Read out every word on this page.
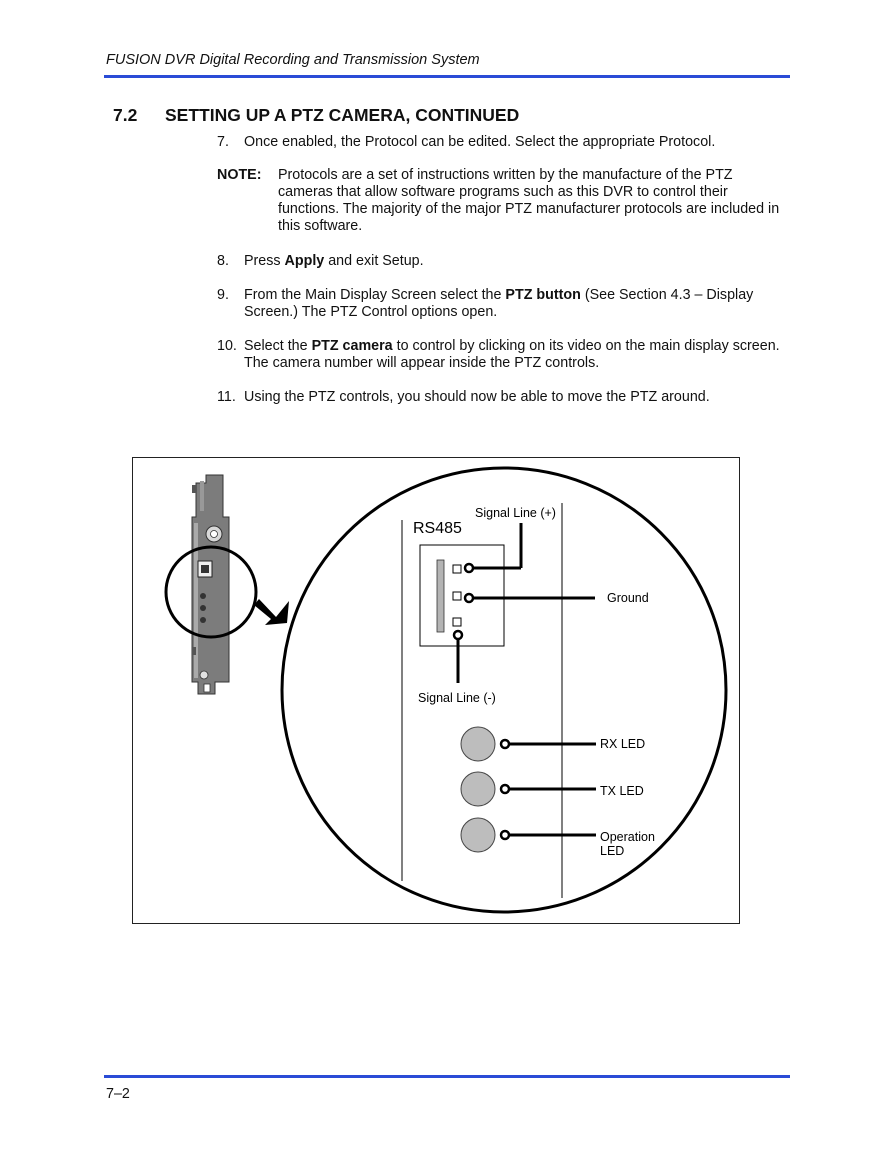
FUSION DVR Digital Recording and Transmission System
7.2 SETTING UP A PTZ CAMERA, CONTINUED
7. Once enabled, the Protocol can be edited. Select the appropriate Protocol.
NOTE: Protocols are a set of instructions written by the manufacture of the PTZ cameras that allow software programs such as this DVR to control their functions. The majority of the major PTZ manufacturer protocols are included in this software.
8. Press Apply and exit Setup.
9. From the Main Display Screen select the PTZ button (See Section 4.3 – Display Screen.) The PTZ Control options open.
10. Select the PTZ camera to control by clicking on its video on the main display screen. The camera number will appear inside the PTZ controls.
11. Using the PTZ controls, you should now be able to move the PTZ around.
RS485
Signal Line (+)
Ground
Signal Line (-)
RX LED
TX LED
Operation
LED
7–2
